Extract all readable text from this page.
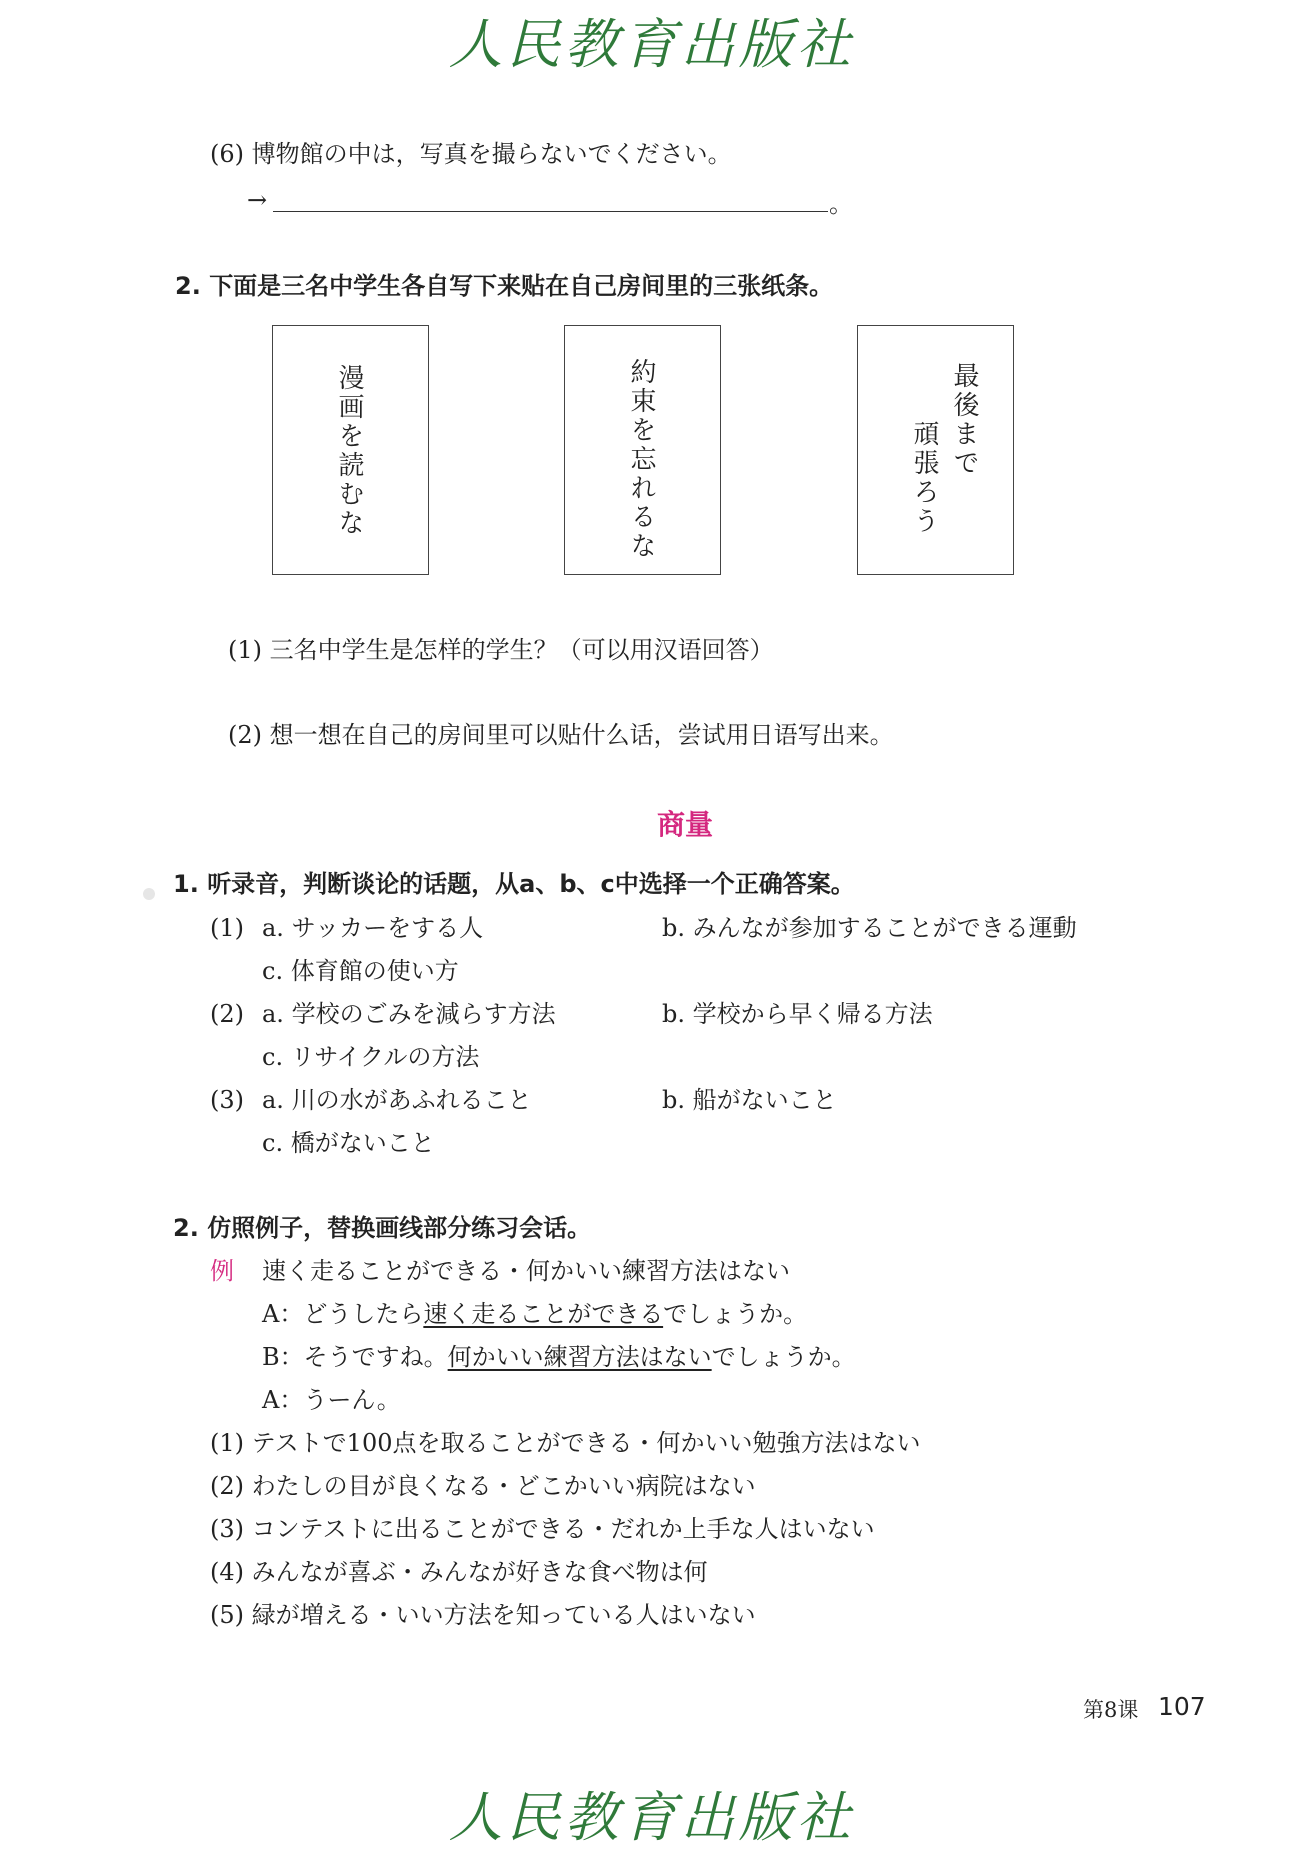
人民教育出版社
(6) 博物館の中は，写真を撮らないでください。
→	。
2. 下面是三名中学生各自写下来贴在自己房间里的三张纸条。
漫画を読むな	約束を忘れるな	最後まで
頑張ろう
(1) 三名中学生是怎样的学生？（可以用汉语回答）
(2) 想一想在自己的房间里可以贴什么话，尝试用日语写出来。
商量
1. 听录音，判断谈论的话题，从a、b、c中选择一个正确答案。
(1) a. サッカーをする人	b. みんなが参加することができる運動
c. 体育館の使い方
(2) a. 学校のごみを減らす方法	b. 学校から早く帰る方法
c. リサイクルの方法
(3) a. 川の水があふれること	b. 船がないこと
c. 橋がないこと
2. 仿照例子，替换画线部分练习会话。
例 速く走ることができる・何かいい練習方法はない
A：どうしたら速く走ることができるでしょうか。
B：そうですね。何かいい練習方法はないでしょうか。
A：うーん。
(1) テストで100点を取ることができる・何かいい勉強方法はない
(2) わたしの目が良くなる・どこかいい病院はない
(3) コンテストに出ることができる・だれか上手な人はいない
(4) みんなが喜ぶ・みんなが好きな食べ物は何
(5) 緑が増える・いい方法を知っている人はいない
第8课 107
人民教育出版社
